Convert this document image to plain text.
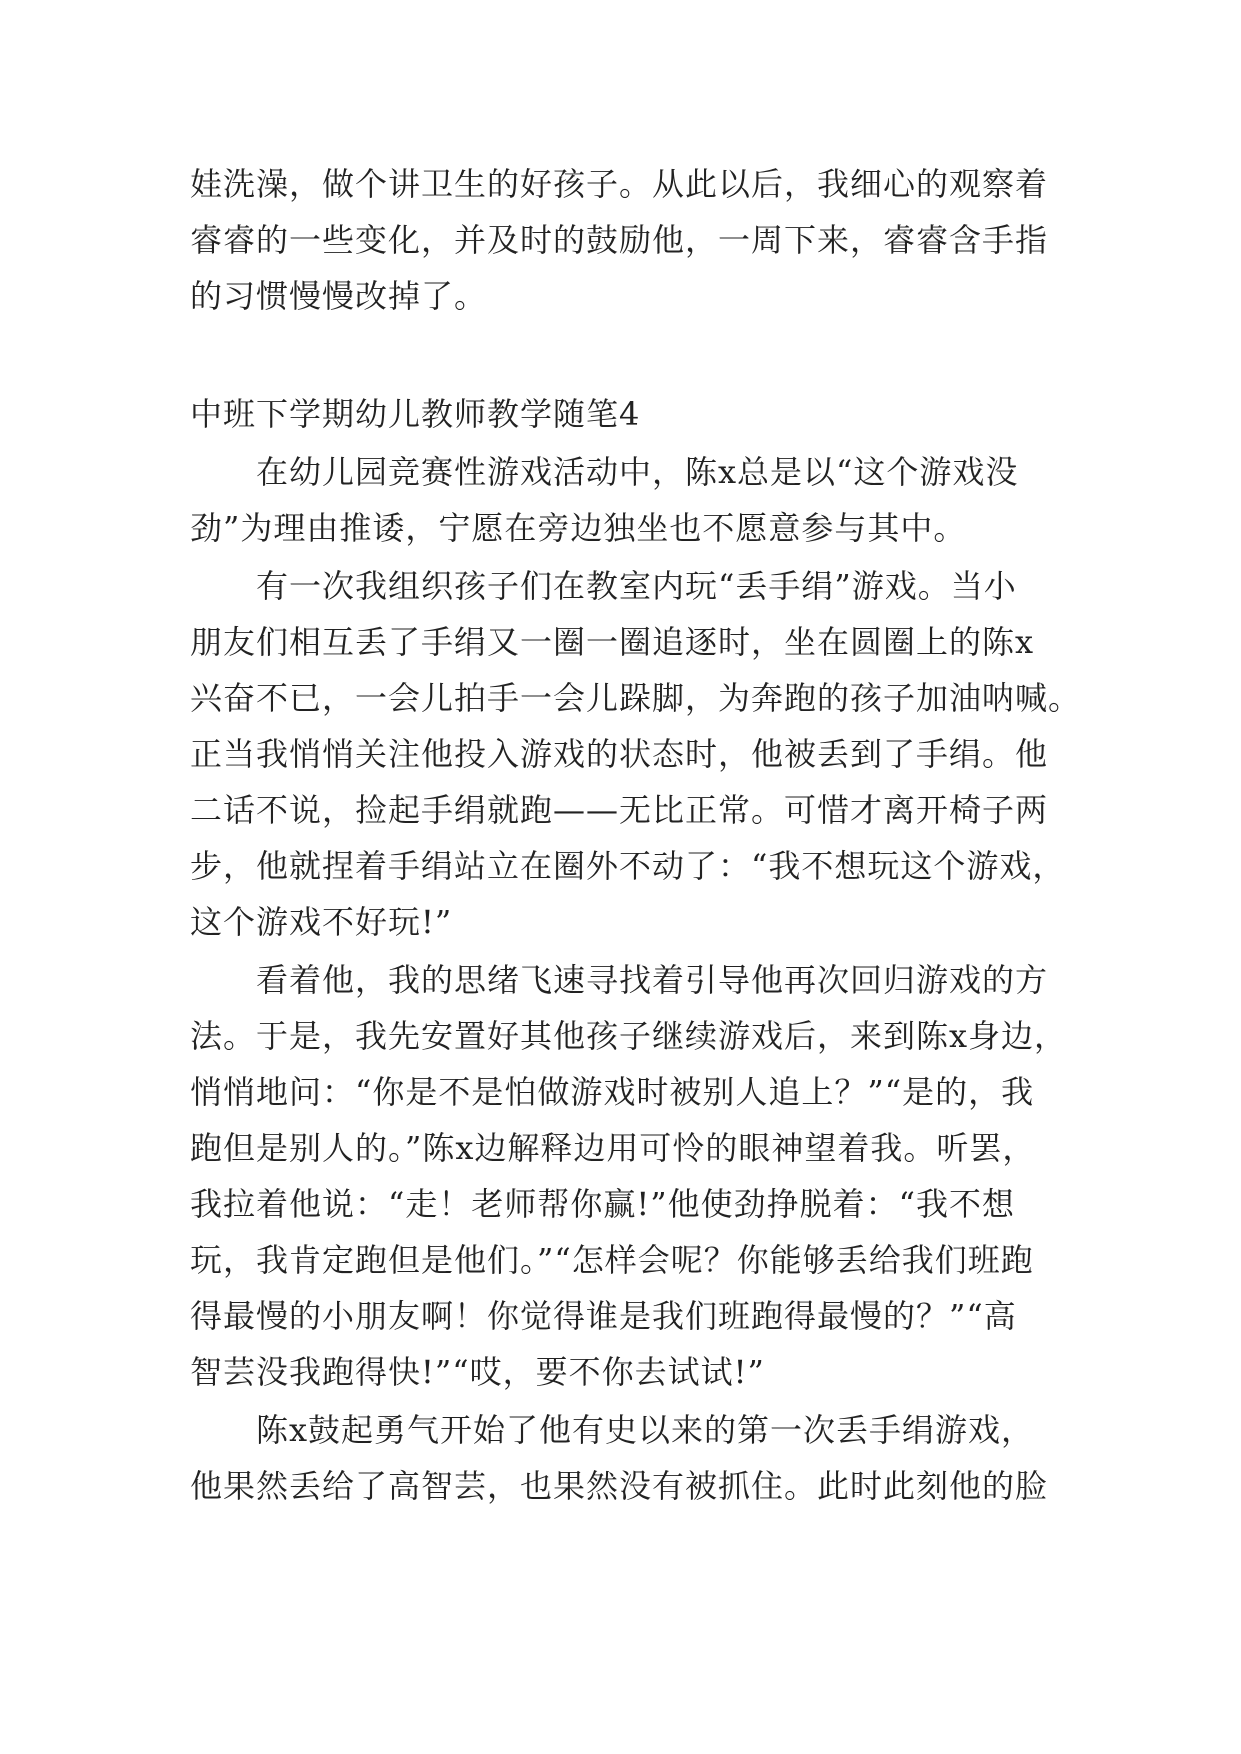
娃洗澡，做个讲卫生的好孩子。从此以后，我细心的观察着
睿睿的一些变化，并及时的鼓励他，一周下来，睿睿含手指
的习惯慢慢改掉了。
中班下学期幼儿教师教学随笔4
在幼儿园竞赛性游戏活动中，陈x总是以“这个游戏没
劲”为理由推诿，宁愿在旁边独坐也不愿意参与其中。
有一次我组织孩子们在教室内玩“丢手绢”游戏。当小
朋友们相互丢了手绢又一圈一圈追逐时，坐在圆圈上的陈x
兴奋不已，一会儿拍手一会儿跺脚，为奔跑的孩子加油呐喊。
正当我悄悄关注他投入游戏的状态时，他被丢到了手绢。他
二话不说，捡起手绢就跑——无比正常。可惜才离开椅子两
步，他就捏着手绢站立在圈外不动了：“我不想玩这个游戏，
这个游戏不好玩!”
看着他，我的思绪飞速寻找着引导他再次回归游戏的方
法。于是，我先安置好其他孩子继续游戏后，来到陈x身边，
悄悄地问：“你是不是怕做游戏时被别人追上？”“是的，我
跑但是别人的。”陈x边解释边用可怜的眼神望着我。听罢，
我拉着他说：“走！老师帮你赢!”他使劲挣脱着：“我不想
玩，我肯定跑但是他们。”“怎样会呢？你能够丢给我们班跑
得最慢的小朋友啊！你觉得谁是我们班跑得最慢的？”“高
智芸没我跑得快!”“哎，要不你去试试!”
陈x鼓起勇气开始了他有史以来的第一次丢手绢游戏，
他果然丢给了高智芸，也果然没有被抓住。此时此刻他的脸
